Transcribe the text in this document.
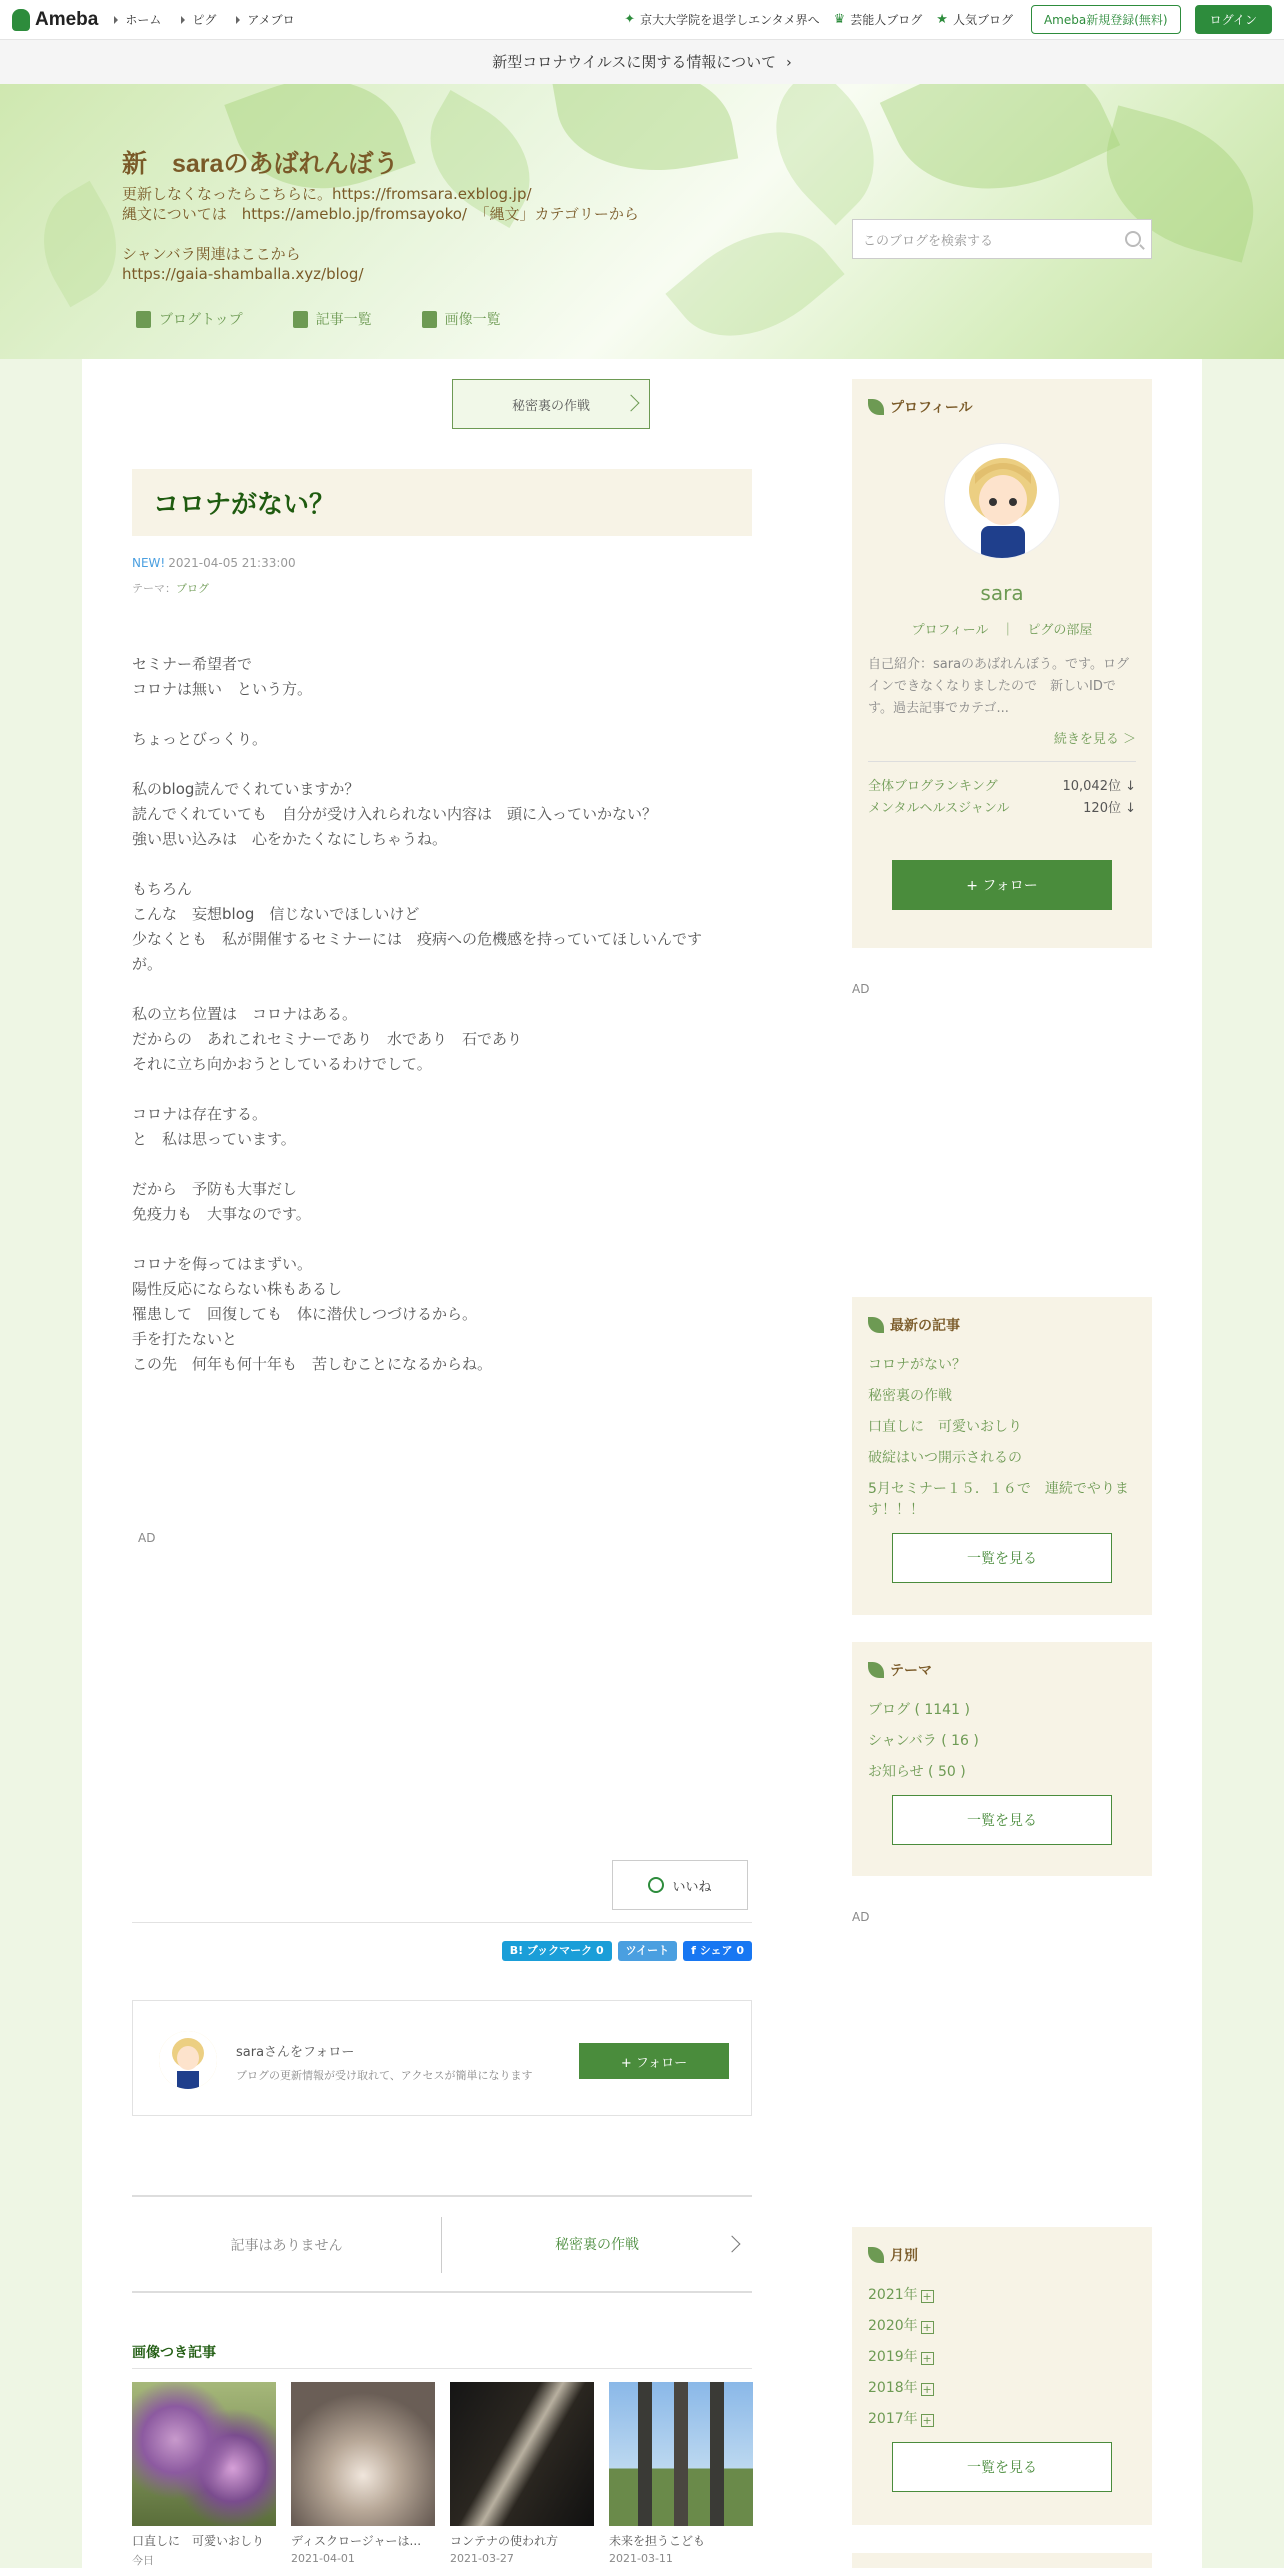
Ameba	ホーム	ピグ	アメブロ	✦ 京大大学院を退学しエンタメ界へ ♛ 芸能人ブログ ★ 人気ブログ	Ameba新規登録(無料)	ログイン
新型コロナウイルスに関する情報について ›
新　saraのあばれんぼう
更新しなくなったらこちらに。https://fromsara.exblog.jp/
縄文については　https://ameblo.jp/fromsayoko/　「縄文」カテゴリーから

シャンバラ関連はここから
https://gaia-shamballa.xyz/blog/
ブログトップ	記事一覧	画像一覧
このブログを検索する
秘密裏の作戦
コロナがない？
NEW! 2021-04-05 21:33:00
テーマ：ブログ
セミナー希望者で
コロナは無い　という方。

ちょっとびっくり。

私のblog読んでくれていますか？
読んでくれていても　自分が受け入れられない内容は　頭に入っていかない？
強い思い込みは　心をかたくなにしちゃうね。

もちろん
こんな　妄想blog　信じないでほしいけど
少なくとも　私が開催するセミナーには　疫病への危機感を持っていてほしいんです
が。

私の立ち位置は　コロナはある。
だからの　あれこれセミナーであり　水であり　石であり
それに立ち向かおうとしているわけでして。

コロナは存在する。
と　私は思っています。

だから　予防も大事だし
免疫力も　大事なのです。

コロナを侮ってはまずい。
陽性反応にならない株もあるし
罹患して　回復しても　体に潜伏しつづけるから。
手を打たないと
この先　何年も何十年も　苦しむことになるからね。
AD
いいね
B! ブックマーク 0	ツイート	f シェア 0
saraさんをフォロー
ブログの更新情報が受け取れて、アクセスが簡単になります
+ フォロー
記事はありません	秘密裏の作戦
画像つき記事
口直しに　可愛いおしり
今日
ディスクロージャーは...
2021-04-01
コンテナの使われ方
2021-03-27
未来を担うこども
2021-03-11
プロフィール
sara
プロフィール　｜　ピグの部屋
自己紹介：saraのあばれんぼう。です。ログインできなくなりましたので　新しいIDです。過去記事でカテゴ...
続きを見る ＞
全体ブログランキング	10,042位 ↓
メンタルヘルスジャンル	120位 ↓
+ フォロー
AD
最新の記事
コロナがない？
秘密裏の作戦
口直しに　可愛いおしり
破綻はいつ開示されるの
5月セミナー１５．１６で　連続でやります！！！
一覧を見る
テーマ
ブログ ( 1141 )
シャンバラ ( 16 )
お知らせ ( 50 )
一覧を見る
AD
月別
2021年 +
2020年 +
2019年 +
2018年 +
2017年 +
一覧を見る
